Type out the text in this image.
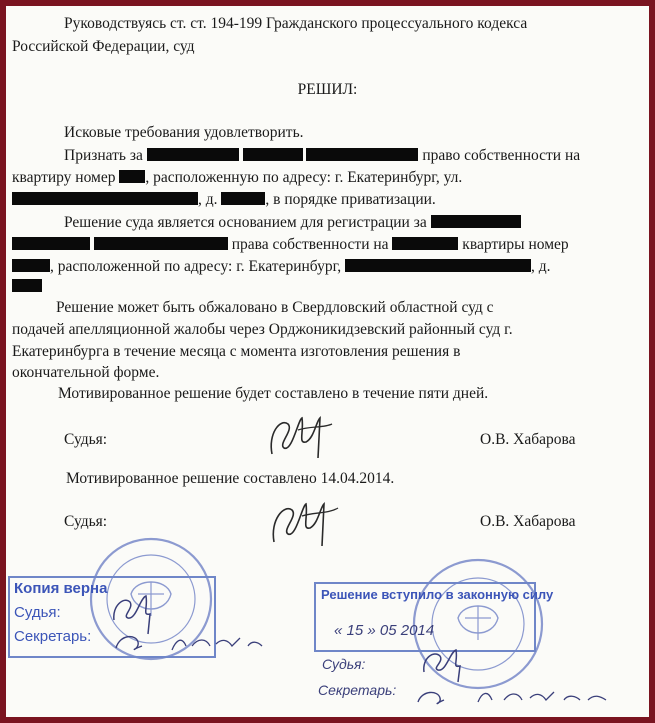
Руководствуясь ст. ст. 194-199 Гражданского процессуального кодекса
Российской Федерации, суд
РЕШИЛ:
Исковые требования удовлетворить.
Признать за	право собственности на
квартиру номер , расположенную по адресу: г. Екатеринбург, ул.
, д.	, в порядке приватизации.
Решение суда является основанием для регистрации за
права собственности на	квартиры номер
, расположенной по адресу: г. Екатеринбург,	, д.
Решение может быть обжаловано в Свердловский областной суд с
подачей апелляционной жалобы через Орджоникидзевский районный суд г.
Екатеринбурга в течение месяца с момента изготовления решения в
окончательной форме.
Мотивированное решение будет составлено в течение пяти дней.
Судья:	О.В. Хабарова
Мотивированное решение составлено 14.04.2014.
Судья:	О.В. Хабарова
Копия верна
Судья:
Секретарь:
Решение вступило в законную силу
« 15 » 05 2014
Судья:
Секретарь:
